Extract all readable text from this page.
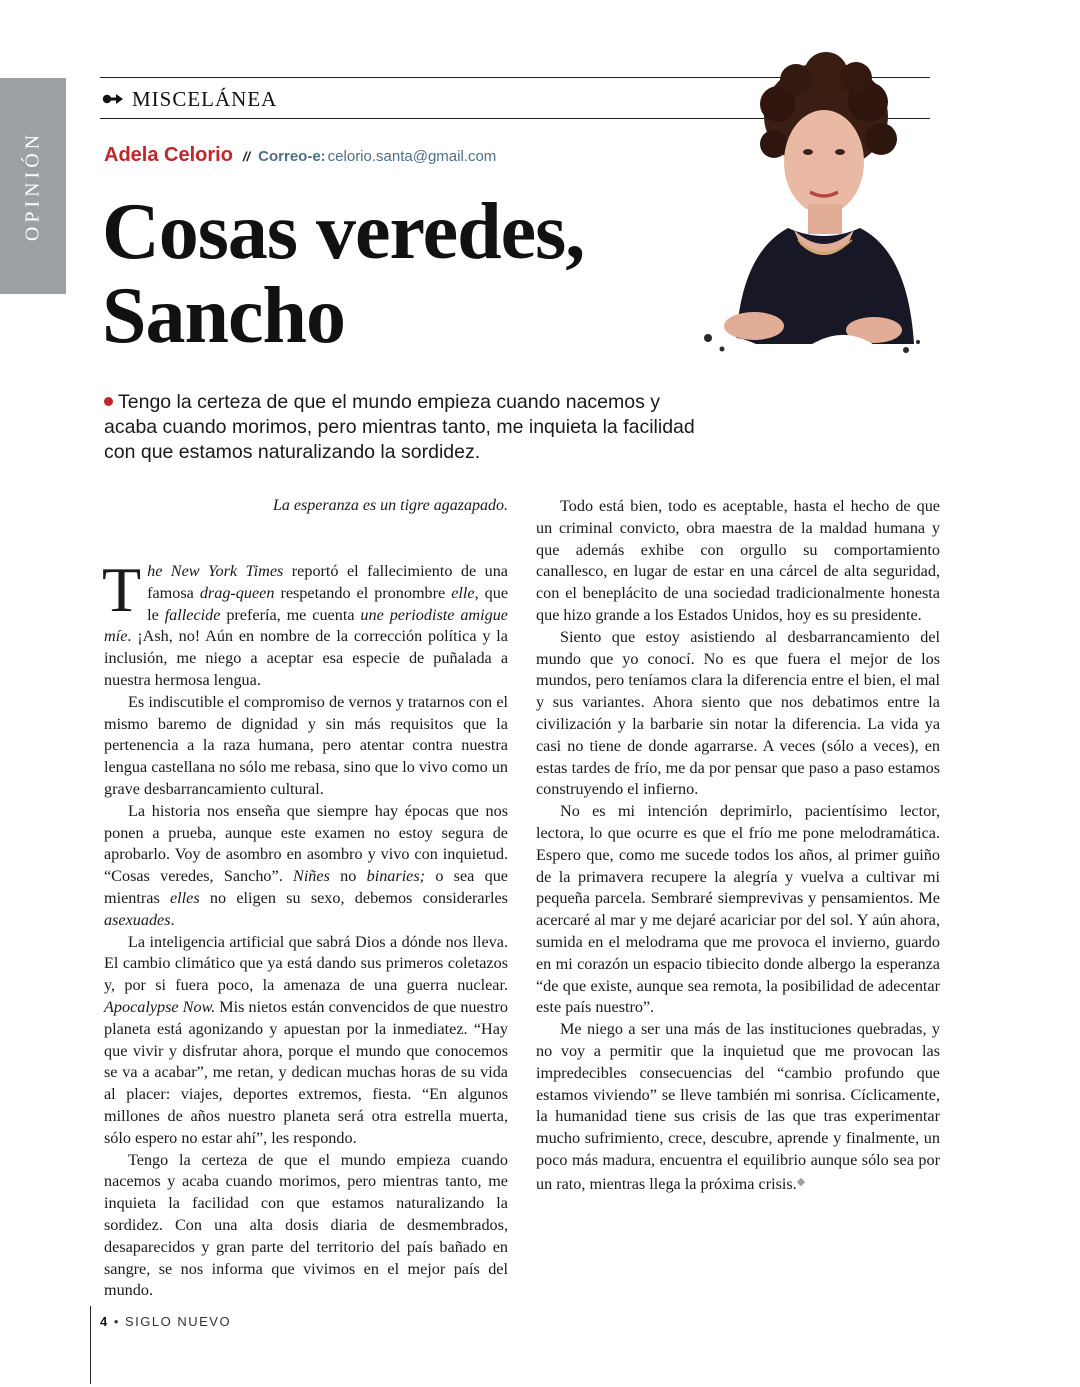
OPINIÓN
MISCELÁNEA
Adela Celorio // Correo-e: celorio.santa@gmail.com
Cosas veredes,
Sancho

Tengo la certeza de que el mundo empieza cuando nacemos y acaba cuando morimos, pero mientras tanto, me inquieta la facilidad con que estamos naturalizando la sordidez.

La esperanza es un tigre agazapado.

The New York Times reportó el fallecimiento de una famosa drag-queen respetando el pronombre elle, que le fallecide prefería, me cuenta une periodiste amigue míe. ¡Ash, no! Aún en nombre de la corrección política y la inclusión, me niego a aceptar esa especie de puñalada a nuestra hermosa lengua.

Es indiscutible el compromiso de vernos y tratarnos con el mismo baremo de dignidad y sin más requisitos que la pertenencia a la raza humana, pero atentar contra nuestra lengua castellana no sólo me rebasa, sino que lo vivo como un grave desbarrancamiento cultural.

La historia nos enseña que siempre hay épocas que nos ponen a prueba, aunque este examen no estoy segura de aprobarlo. Voy de asombro en asombro y vivo con inquietud. “Cosas veredes, Sancho”. Niñes no binaries; o sea que mientras elles no eligen su sexo, debemos considerarles asexuades.

La inteligencia artificial que sabrá Dios a dónde nos lleva. El cambio climático que ya está dando sus primeros coletazos y, por si fuera poco, la amenaza de una guerra nuclear. Apocalypse Now. Mis nietos están convencidos de que nuestro planeta está agonizando y apuestan por la inmediatez. “Hay que vivir y disfrutar ahora, porque el mundo que conocemos se va a acabar”, me retan, y dedican muchas horas de su vida al placer: viajes, deportes extremos, fiesta. “En algunos millones de años nuestro planeta será otra estrella muerta, sólo espero no estar ahí”, les respondo.

Tengo la certeza de que el mundo empieza cuando nacemos y acaba cuando morimos, pero mientras tanto, me inquieta la facilidad con que estamos naturalizando la sordidez. Con una alta dosis diaria de desmembrados, desaparecidos y gran parte del territorio del país bañado en sangre, se nos informa que vivimos en el mejor país del mundo.

Todo está bien, todo es aceptable, hasta el hecho de que un criminal convicto, obra maestra de la maldad humana y que además exhibe con orgullo su comportamiento canallesco, en lugar de estar en una cárcel de alta seguridad, con el beneplácito de una sociedad tradicionalmente honesta que hizo grande a los Estados Unidos, hoy es su presidente.

Siento que estoy asistiendo al desbarrancamiento del mundo que yo conocí. No es que fuera el mejor de los mundos, pero teníamos clara la diferencia entre el bien, el mal y sus variantes. Ahora siento que nos debatimos entre la civilización y la barbarie sin notar la diferencia. La vida ya casi no tiene de donde agarrarse. A veces (sólo a veces), en estas tardes de frío, me da por pensar que paso a paso estamos construyendo el infierno.

No es mi intención deprimirlo, pacientísimo lector, lectora, lo que ocurre es que el frío me pone melodramática. Espero que, como me sucede todos los años, al primer guiño de la primavera recupere la alegría y vuelva a cultivar mi pequeña parcela. Sembraré siemprevivas y pensamientos. Me acercaré al mar y me dejaré acariciar por del sol. Y aún ahora, sumida en el melodrama que me provoca el invierno, guardo en mi corazón un espacio tibiecito donde albergo la esperanza “de que existe, aunque sea remota, la posibilidad de adecentar este país nuestro”.

Me niego a ser una más de las instituciones quebradas, y no voy a permitir que la inquietud que me provocan las impredecibles consecuencias del “cambio profundo que estamos viviendo” se lleve también mi sonrisa. Cíclicamente, la humanidad tiene sus crisis de las que tras experimentar mucho sufrimiento, crece, descubre, aprende y finalmente, un poco más madura, encuentra el equilibrio aunque sólo sea por un rato, mientras llega la próxima crisis.◆

4 • SIGLO NUEVO
